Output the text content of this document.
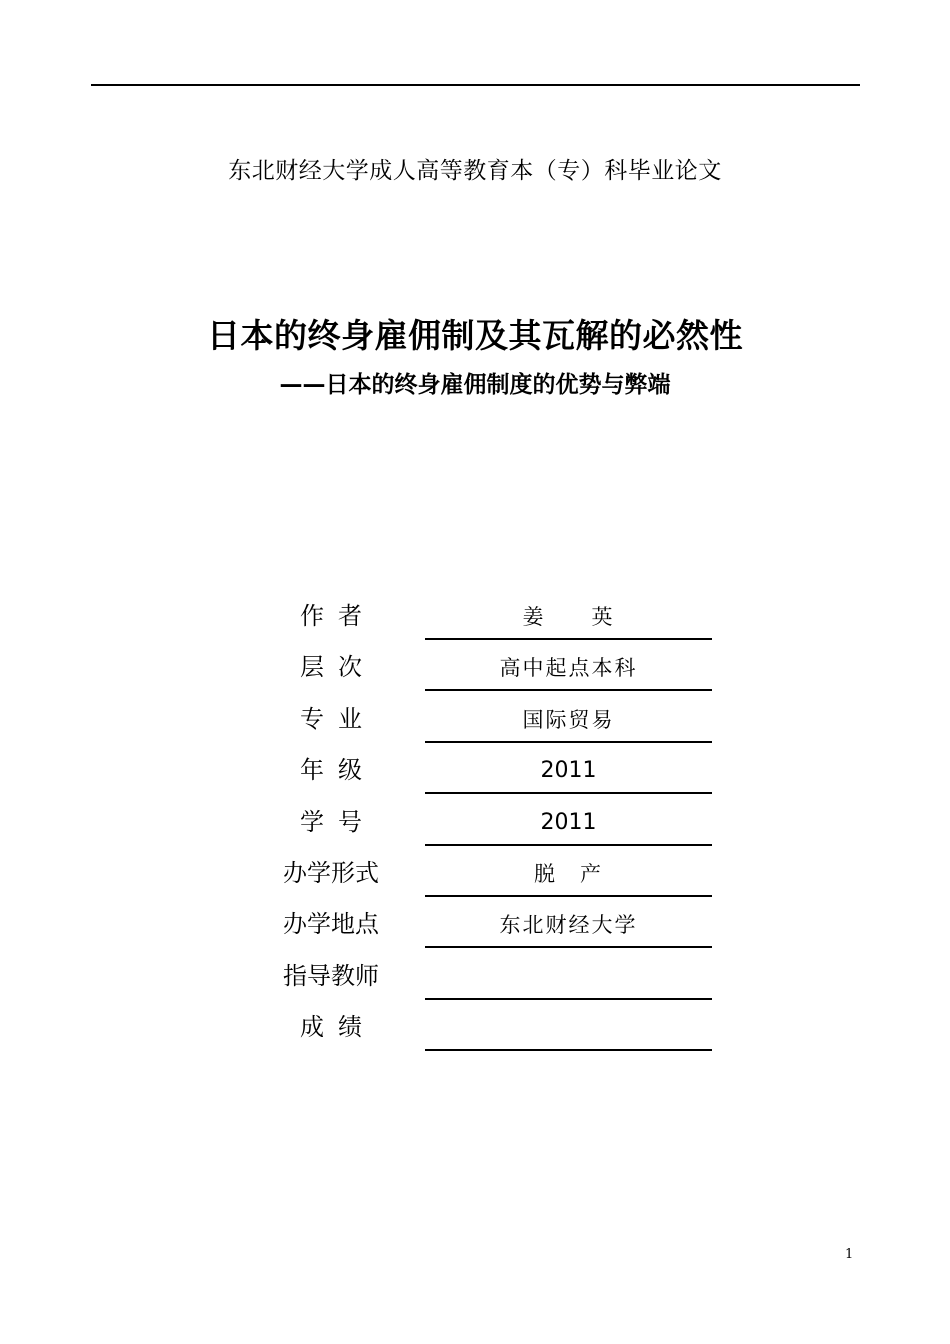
东北财经大学成人高等教育本（专）科毕业论文
日本的终身雇佣制及其瓦解的必然性
——日本的终身雇佣制度的优势与弊端
作者	姜　　英
层次	高中起点本科
专业	国际贸易
年级	2011
学号	2011
办学形式	脱　产
办学地点	东北财经大学
指导教师
成绩
1
